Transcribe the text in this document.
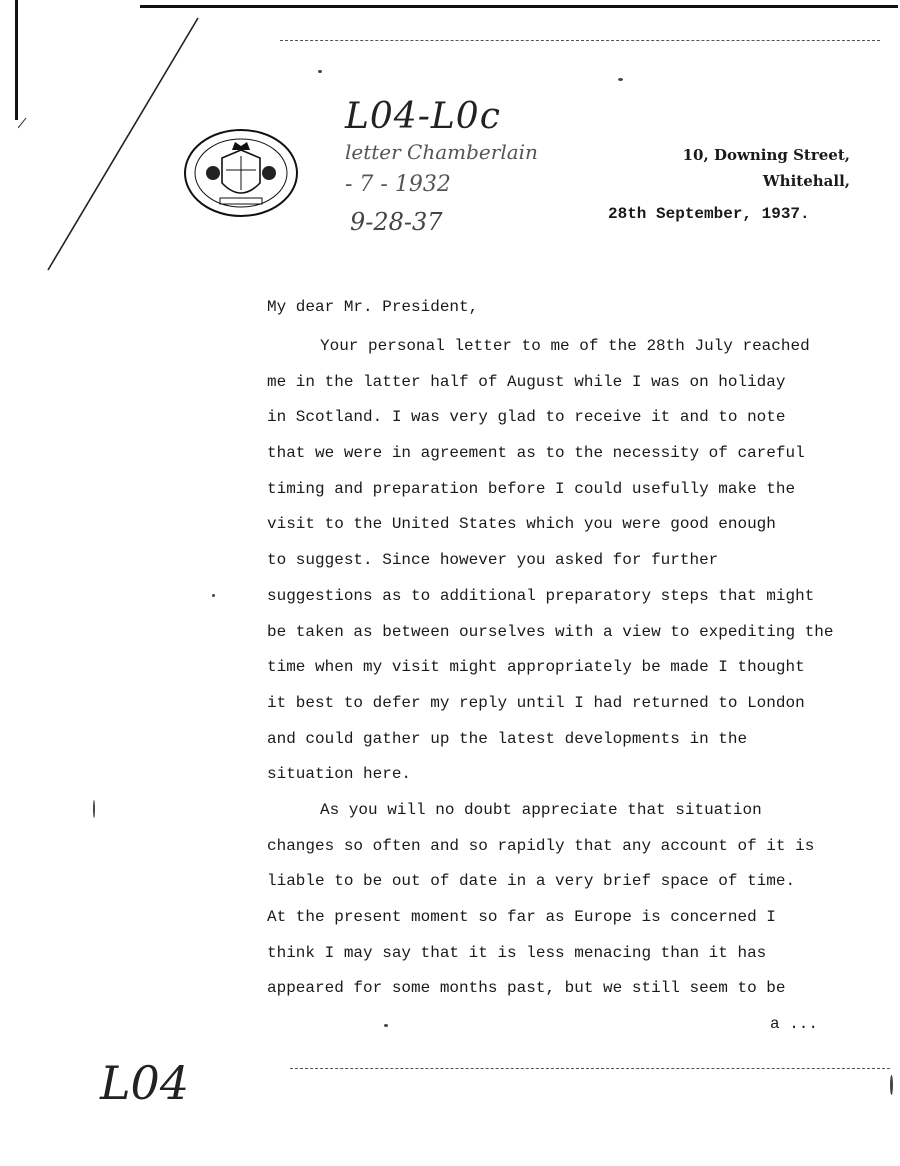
L04-L0c
letter Chamberlain
- 7 - 1932
9-28-37
10, Downing Street,
Whitehall,
28th September, 1937.
My dear Mr. President,
Your personal letter to me of the 28th July reached
me in the latter half of August while I was on holiday
in Scotland. I was very glad to receive it and to note
that we were in agreement as to the necessity of careful
timing and preparation before I could usefully make the
visit to the United States which you were good enough
to suggest. Since however you asked for further
suggestions as to additional preparatory steps that might
be taken as between ourselves with a view to expediting the
time when my visit might appropriately be made I thought
it best to defer my reply until I had returned to London
and could gather up the latest developments in the
situation here.
As you will no doubt appreciate that situation
changes so often and so rapidly that any account of it is
liable to be out of date in a very brief space of time.
At the present moment so far as Europe is concerned I
think I may say that it is less menacing than it has
appeared for some months past, but we still seem to be
a ...
L04
